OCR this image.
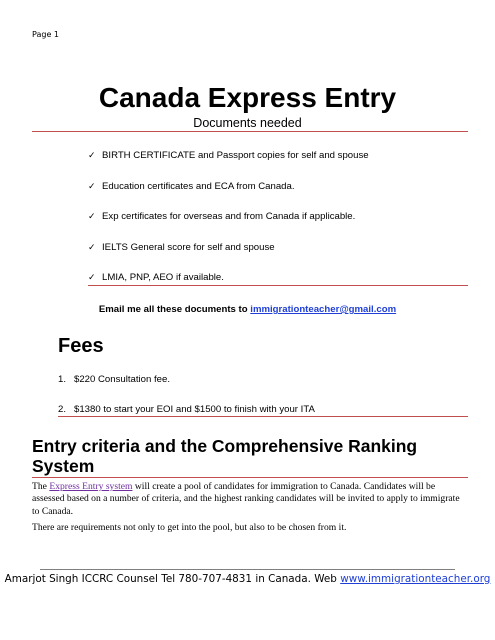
Page 1
Canada Express Entry
Documents needed
✓ BIRTH CERTIFICATE and Passport copies for self and spouse
✓ Education certificates and ECA from Canada.
✓ Exp certificates for overseas and from Canada if applicable.
✓ IELTS General score for self and spouse
✓ LMIA, PNP, AEO if available.
Email me all these documents to immigrationteacher@gmail.com
Fees
1. $220 Consultation fee.
2. $1380 to start your EOI and $1500 to finish with your ITA
Entry criteria and the Comprehensive Ranking System

The Express Entry system will create a pool of candidates for immigration to Canada. Candidates will be assessed based on a number of criteria, and the highest ranking candidates will be invited to apply to immigrate to Canada.

There are requirements not only to get into the pool, but also to be chosen from it.

Amarjot Singh ICCRC Counsel Tel 780-707-4831 in Canada. Web www.immigrationteacher.org
